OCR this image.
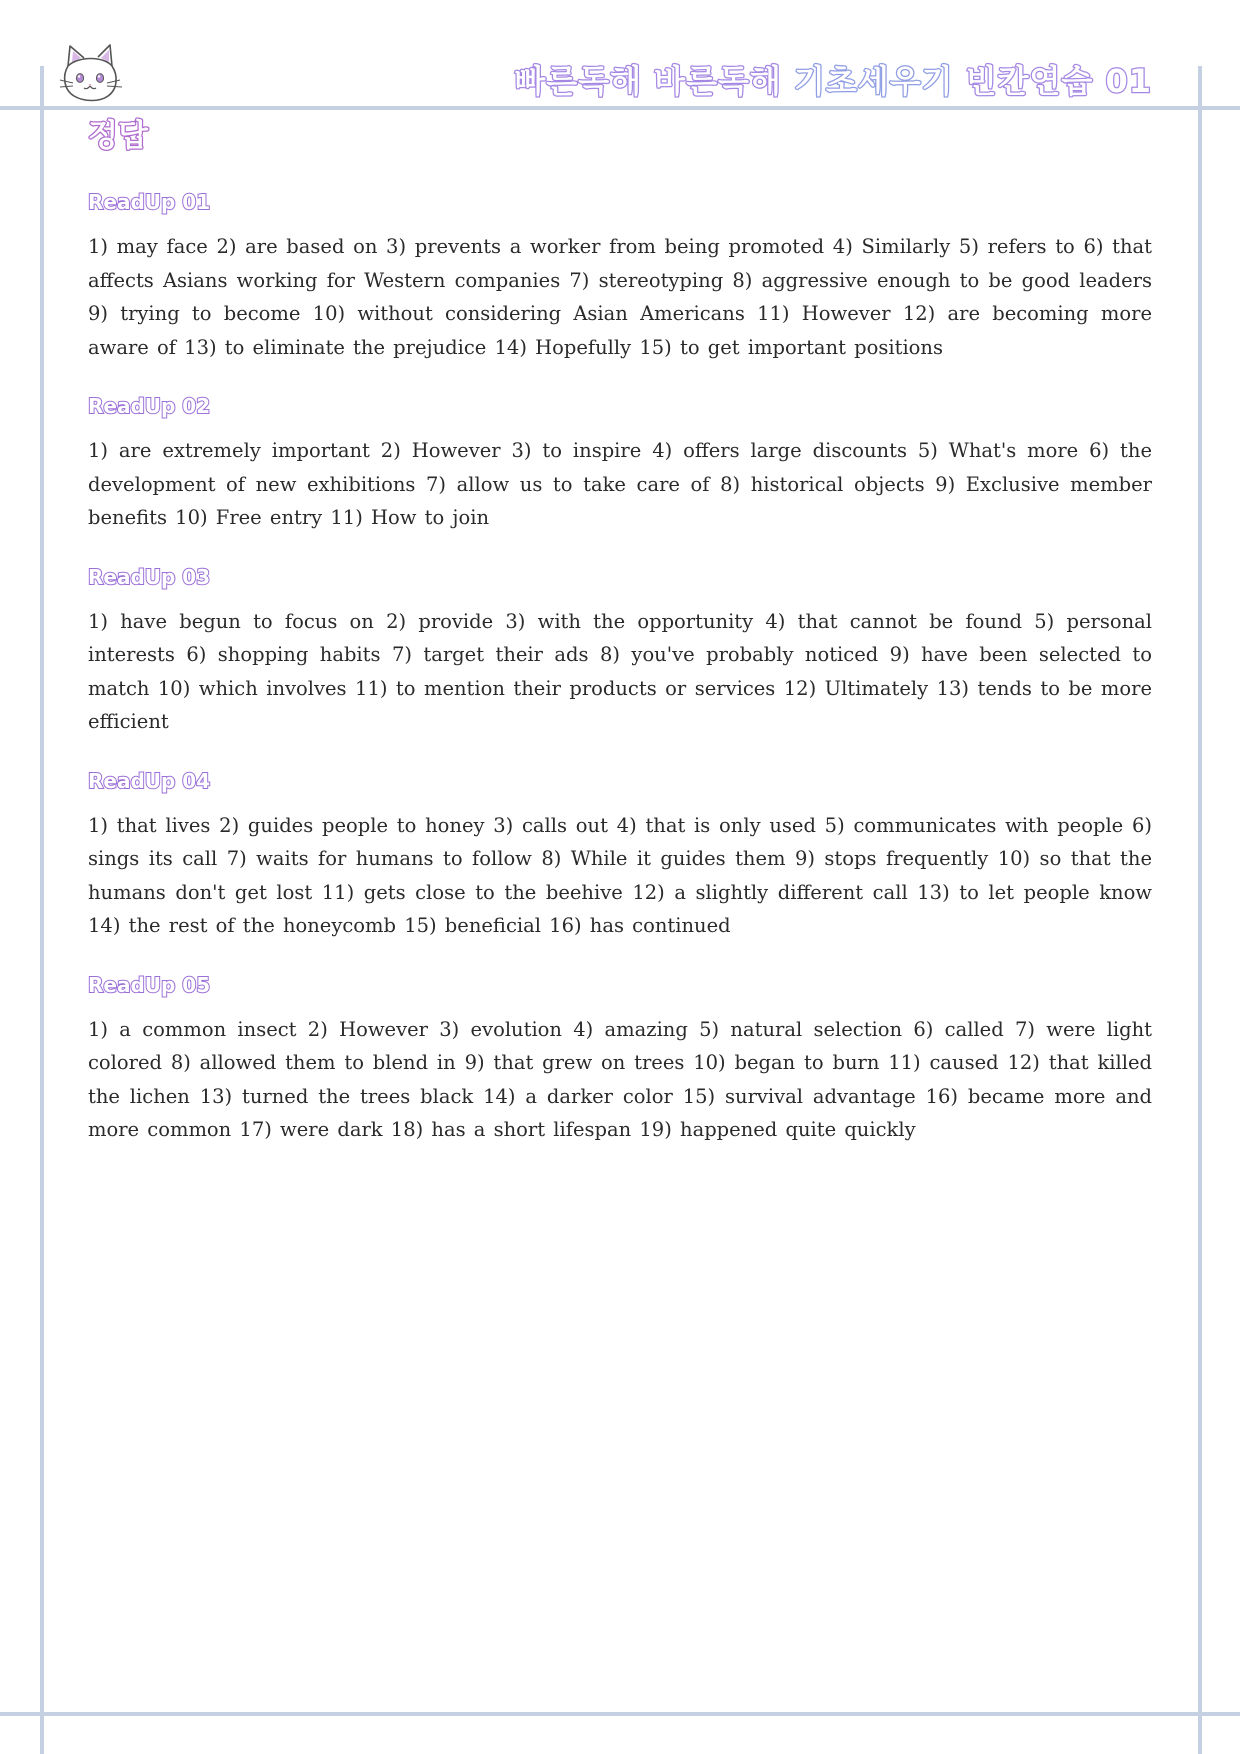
빠른독해 바른독해 기초세우기 빈칸연습 01
정답
ReadUp 01

1) may face 2) are based on 3) prevents a worker from being promoted 4) Similarly 5) refers to 6) that affects Asians working for Western companies 7) stereotyping 8) aggressive enough to be good leaders 9) trying to become 10) without considering Asian Americans 11) However 12) are becoming more aware of 13) to eliminate the prejudice 14) Hopefully 15) to get important positions

ReadUp 02

1) are extremely important 2) However 3) to inspire 4) offers large discounts 5) What's more 6) the development of new exhibitions 7) allow us to take care of 8) historical objects 9) Exclusive member benefits 10) Free entry 11) How to join

ReadUp 03

1) have begun to focus on 2) provide 3) with the opportunity 4) that cannot be found 5) personal interests 6) shopping habits 7) target their ads 8) you've probably noticed 9) have been selected to match 10) which involves 11) to mention their products or services 12) Ultimately 13) tends to be more efficient

ReadUp 04

1) that lives 2) guides people to honey 3) calls out 4) that is only used 5) communicates with people 6) sings its call 7) waits for humans to follow 8) While it guides them 9) stops frequently 10) so that the humans don't get lost 11) gets close to the beehive 12) a slightly different call 13) to let people know 14) the rest of the honeycomb 15) beneficial 16) has continued

ReadUp 05

1) a common insect 2) However 3) evolution 4) amazing 5) natural selection 6) called 7) were light colored 8) allowed them to blend in 9) that grew on trees 10) began to burn 11) caused 12) that killed the lichen 13) turned the trees black 14) a darker color 15) survival advantage 16) became more and more common 17) were dark 18) has a short lifespan 19) happened quite quickly
